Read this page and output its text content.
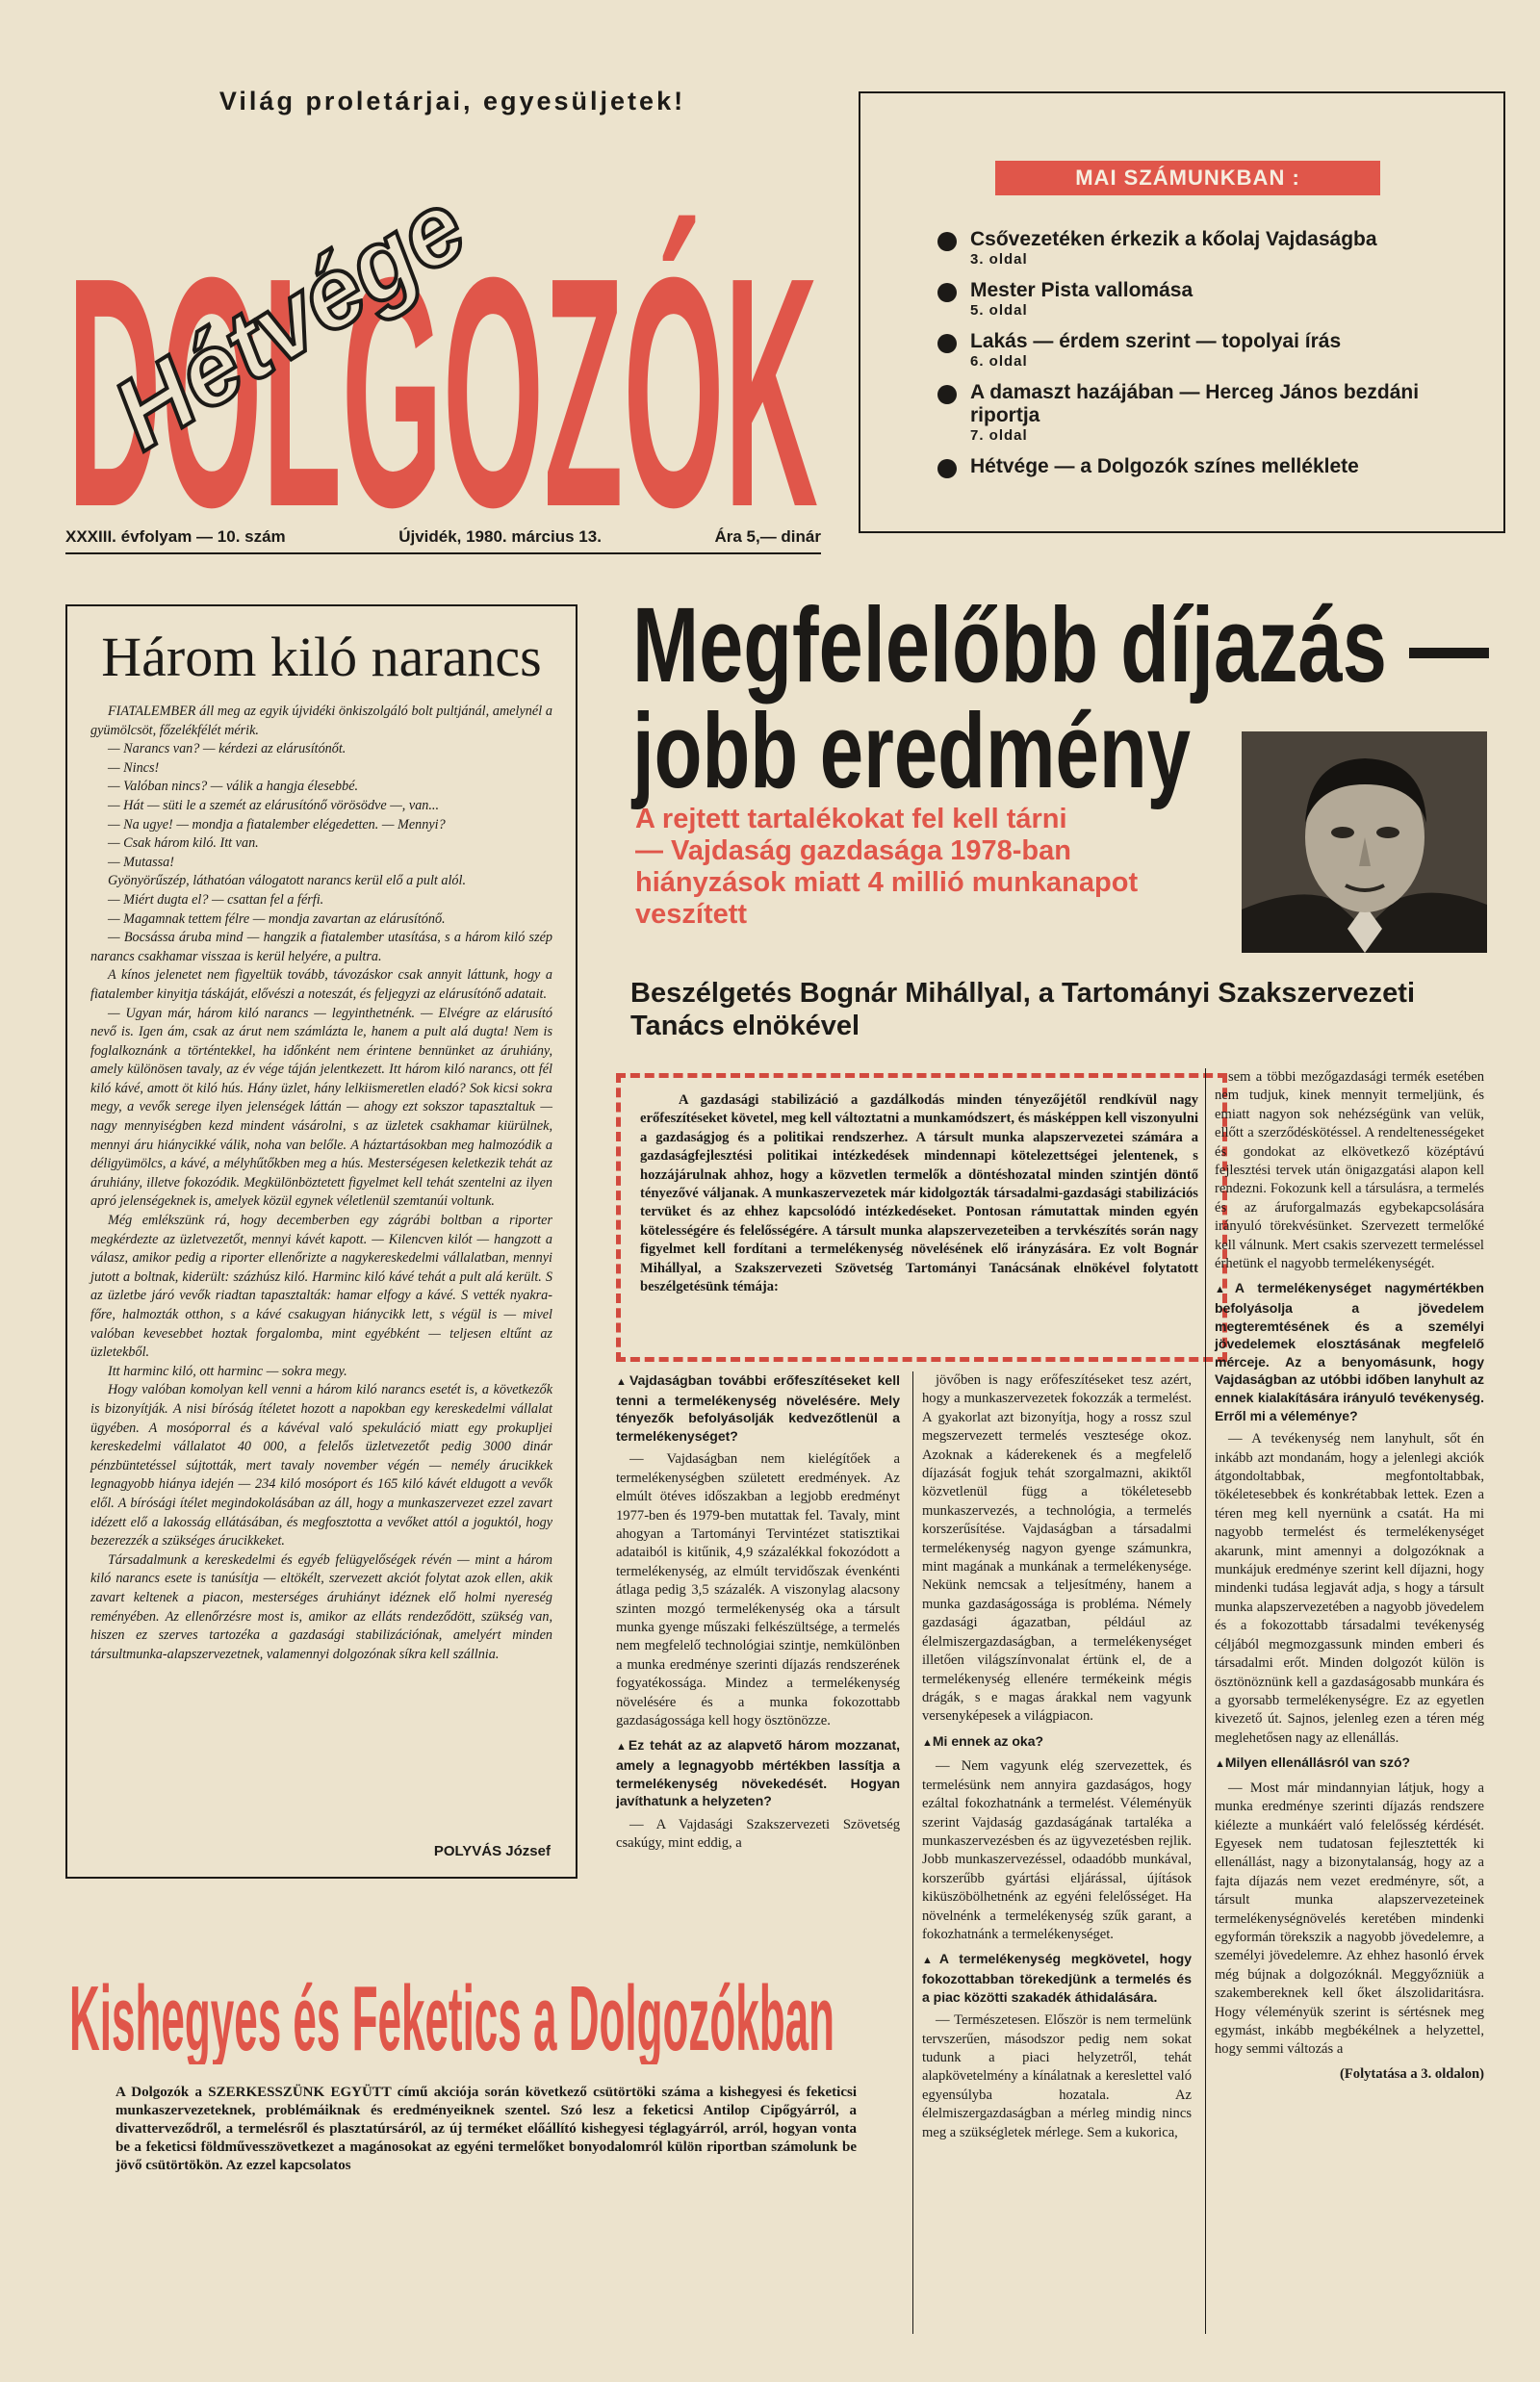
Világ proletárjai, egyesüljetek!
DOLGOZÓK
Hétvége
XXXIII. évfolyam — 10. szám	Újvidék, 1980. március 13.	Ára 5,— dinár
MAI SZÁMUNKBAN :
Csővezetéken érkezik a kőolaj Vajdaságba
3. oldal
Mester Pista vallomása
5. oldal
Lakás — érdem szerint — topolyai írás
6. oldal
A damaszt hazájában — Herceg János bezdáni riportja
7. oldal
Hétvége — a Dolgozók színes melléklete
Három kiló narancs

FIATALEMBER áll meg az egyik újvidéki önkiszolgáló bolt pultjánál, amelynél a gyümölcsöt, főzelékfélét mérik.

— Narancs van? — kérdezi az elárusítónőt.

— Nincs!

— Valóban nincs? — válik a hangja élesebbé.

— Hát — süti le a szemét az elárusítónő vörösödve —, van...

— Na ugye! — mondja a fiatalember elégedetten. — Mennyi?

— Csak három kiló. Itt van.

— Mutassa!

Gyönyörűszép, láthatóan válogatott narancs kerül elő a pult alól.

— Miért dugta el? — csattan fel a férfi.

— Magamnak tettem félre — mondja zavartan az elárusítónő.

— Bocsássa áruba mind — hangzik a fiatalember utasítása, s a három kiló szép narancs csakhamar visszaa is kerül helyére, a pultra.

A kínos jelenetet nem figyeltük tovább, távozáskor csak annyit láttunk, hogy a fiatalember kinyitja táskáját, elővészi a noteszát, és feljegyzi az elárusítónő adatait.

— Ugyan már, három kiló narancs — legyinthetnénk. — Elvégre az elárusító nevő is. Igen ám, csak az árut nem számlázta le, hanem a pult alá dugta! Nem is foglalkoznánk a történtekkel, ha időnként nem érintene bennünket az áruhiány, amely különösen tavaly, az év vége táján jelentkezett. Itt három kiló narancs, ott fél kiló kávé, amott öt kiló hús. Hány üzlet, hány lelkiismeretlen eladó? Sok kicsi sokra megy, a vevők serege ilyen jelenségek láttán — ahogy ezt sokszor tapasztaltuk — nagy mennyiségben kezd mindent vásárolni, s az üzletek csakhamar kiürülnek, mennyi áru hiánycikké válik, noha van belőle. A háztartásokban meg halmozódik a déligyümölcs, a kávé, a mélyhűtőkben meg a hús. Mesterségesen keletkezik tehát az áruhiány, illetve fokozódik. Megkülönböztetett figyelmet kell tehát szentelni az ilyen apró jelenségeknek is, amelyek közül egynek véletlenül szemtanúi voltunk.

Még emlékszünk rá, hogy decemberben egy zágrábi boltban a riporter megkérdezte az üzletvezetőt, mennyi kávét kapott. — Kilencven kilót — hangzott a válasz, amikor pedig a riporter ellenőrizte a nagykereskedelmi vállalatban, mennyi jutott a boltnak, kiderült: százhúsz kiló. Harminc kiló kávé tehát a pult alá került. S az üzletbe járó vevők riadtan tapasztalták: hamar elfogy a kávé. S vették nyakra-főre, halmozták otthon, s a kávé csakugyan hiánycikk lett, s végül is — mivel valóban kevesebbet hoztak forgalomba, mint egyébként — teljesen eltűnt az üzletekből.

Itt harminc kiló, ott harminc — sokra megy.

Hogy valóban komolyan kell venni a három kiló narancs esetét is, a következők is bizonyítják. A nisi bíróság ítéletet hozott a napokban egy kereskedelmi vállalat ügyében. A mosóporral és a kávéval való spekuláció miatt egy prokupljei kereskedelmi vállalatot 40 000, a felelős üzletvezetőt pedig 3000 dinár pénzbüntetéssel sújtották, mert tavaly november végén — nemély árucikkek legnagyobb hiánya idején — 234 kiló mosóport és 165 kiló kávét eldugott a vevők elől. A bírósági ítélet megindokolásában az áll, hogy a munkaszervezet ezzel zavart idézett elő a lakosság ellátásában, és megfosztotta a vevőket attól a joguktól, hogy bezerezzék a szükséges árucikkeket.

Társadalmunk a kereskedelmi és egyéb felügyelőségek révén — mint a három kiló narancs esete is tanúsítja — eltökélt, szervezett akciót folytat azok ellen, akik zavart keltenek a piacon, mesterséges áruhiányt idéznek elő holmi nyereség reményében. Az ellenőrzésre most is, amikor az elláts rendeződött, szükség van, hiszen ez szerves tartozéka a gazdasági stabilizációnak, amelyért minden társultmunka-alapszervezetnek, valamennyi dolgozónak síkra kell szállnia.

POLYVÁS József
Kishegyes és Feketics a Dolgozókban

A Dolgozók a SZERKESSZÜNK EGYÜTT című akciója során következő csütörtöki száma a kishegyesi és feketicsi munkaszervezeteknek, problémáiknak és eredményeiknek szentel. Szó lesz a feketicsi Antilop Cipőgyárról, a divatterveződről, a termelésről és plasztatúrsáról, az új terméket előállító kishegyesi téglagyárról, arról, hogyan vonta be a feketicsi földművesszövetkezet a magánosokat az egyéni termelőket bonyodalomról külön riportban számolunk be jövő csütörtökön. Az ezzel kapcsolatos

Megfelelőbb díjazás —
jobb eredmény
A rejtett tartalékokat fel kell tárni
— Vajdaság gazdasága 1978-ban
hiányzások miatt 4 millió munkanapot
veszített
Beszélgetés Bognár Mihállyal, a Tartományi Szakszervezeti Tanács elnökével

A gazdasági stabilizáció a gazdálkodás minden tényezőjétől rendkívül nagy erőfeszítéseket követel, meg kell változtatni a munkamódszert, és másképpen kell viszonyulni a gazdaságjog és a politikai rendszerhez. A társult munka alapszervezetei számára a gazdaságfejlesztési politikai intézkedések mindennapi kötelezettségei jelentenek, s hozzájárulnak ahhoz, hogy a közvetlen termelők a döntéshozatal minden szintjén döntő tényezővé váljanak. A munkaszervezetek már kidolgozták társadalmi-gazdasági stabilizációs tervüket és az ehhez kapcsolódó intézkedéseket. Pontosan rámutattak minden egyén kötelességére és felelősségére. A társult munka alapszervezeteiben a tervkészítés során nagy figyelmet kell fordítani a termelékenység növelésének elő irányzására. Ez volt Bognár Mihállyal, a Szakszervezeti Szövetség Tartományi Tanácsának elnökével folytatott beszélgetésünk témája:

▲ Vajdaságban további erőfeszítéseket kell tenni a termelékenység növelésére. Mely tényezők befolyásolják kedvezőtlenül a termelékenységet?

— Vajdaságban nem kielégítőek a termelékenységben született eredmények. Az elmúlt ötéves időszakban a legjobb eredményt 1977-ben és 1979-ben mutattak fel. Tavaly, mint ahogyan a Tartományi Tervintézet statisztikai adataiból is kitűnik, 4,9 százalékkal fokozódott a termelékenység, az elmúlt tervidőszak évenkénti átlaga pedig 3,5 százalék. A viszonylag alacsony szinten mozgó termelékenység oka a társult munka gyenge műszaki felkészültsége, a termelés nem megfelelő technológiai szintje, nemkülönben a munka eredménye szerinti díjazás rendszerének fogyatékossága. Mindez a termelékenység növelésére és a munka fokozottabb gazdaságossága kell hogy ösztönözze.

▲ Ez tehát az az alapvető három mozzanat, amely a legnagyobb mértékben lassítja a termelékenység növekedését. Hogyan javíthatunk a helyzeten?

— A Vajdasági Szakszervezeti Szövetség csakúgy, mint eddig, a

jövőben is nagy erőfeszítéseket tesz azért, hogy a munkaszervezetek fokozzák a termelést. A gyakorlat azt bizonyítja, hogy a rossz szul megszervezett termelés vesztesége okoz. Azoknak a káderekenek és a megfelelő díjazását fogjuk tehát szorgalmazni, akiktől közvetlenül függ a tökéletesebb munkaszervezés, a technológia, a termelés korszerűsítése. Vajdaságban a társadalmi termelékenység nagyon gyenge számunkra, mint magának a munkának a termelékenysége. Nekünk nemcsak a teljesítmény, hanem a munka gazdaságossága is probléma. Némely gazdasági ágazatban, például az élelmiszergazdaságban, a termelékenységet illetően világszínvonalat értünk el, de a termelékenység ellenére termékeink mégis drágák, s e magas árakkal nem vagyunk versenyképesek a világpiacon.

▲ Mi ennek az oka?

— Nem vagyunk elég szervezettek, és termelésünk nem annyira gazdaságos, hogy ezáltal fokozhatnánk a termelést. Véleményük szerint Vajdaság gazdaságának tartaléka a munkaszervezésben és az ügyvezetésben rejlik. Jobb munkaszervezéssel, odaadóbb munkával, korszerűbb gyártási eljárással, újítások kiküszöbölhetnénk az egyéni felelősséget. Ha növelnénk a termelékenység szűk garant, a fokozhatnánk a termelékenységet.

▲ A termelékenység megkövetel, hogy fokozottabban törekedjünk a termelés és a piac közötti szakadék áthidalására.

— Természetesen. Először is nem termelünk tervszerűen, másodszor pedig nem sokat tudunk a piaci helyzetről, tehát alapkövetelmény a kínálatnak a kereslettel való egyensúlyba hozatala. Az élelmiszergazdaságban a mérleg mindig nincs meg a szükségletek mérlege. Sem a kukorica,

sem a többi mezőgazdasági termék esetében nem tudjuk, kinek mennyit termeljünk, és emiatt nagyon sok nehézségünk van velük, ellőtt a szerződéskötéssel. A rendeltenességeket és gondokat az elkövetkező középtávú fejlesztési tervek után önigazgatási alapon kell rendezni. Fokozunk kell a társulásra, a termelés és az áruforgalmazás egybekapcsolására irányuló törekvésünket. Szervezett termelőké kell válnunk. Mert csakis szervezett termeléssel érhetünk el nagyobb termelékenységét.

▲ A termelékenységet nagymértékben befolyásolja a jövedelem megteremtésének és a személyi jövedelemek elosztásának megfelelő mérceje. Az a benyomásunk, hogy Vajdaságban az utóbbi időben lanyhult az ennek kialakítására irányuló tevékenység. Erről mi a véleménye?

— A tevékenység nem lanyhult, sőt én inkább azt mondanám, hogy a jelenlegi akciók átgondoltabbak, megfontoltabbak, tökéletesebbek és konkrétabbak lettek. Ezen a téren meg kell nyernünk a csatát. Ha mi nagyobb termelést és termelékenységet akarunk, mint amennyi a dolgozóknak a munkájuk eredménye szerint kell díjazni, hogy mindenki tudása legjavát adja, s hogy a társult munka alapszervezetében a nagyobb jövedelem és a fokozottabb társadalmi tevékenység céljából megmozgassunk minden emberi és társadalmi erőt. Minden dolgozót külön is ösztönöznünk kell a gazdaságosabb munkára és a gyorsabb termelékenységre. Ez az egyetlen kivezető út. Sajnos, jelenleg ezen a téren még meglehetősen nagy az ellenállás.

▲ Milyen ellenállásról van szó?

— Most már mindannyian látjuk, hogy a munka eredménye szerinti díjazás rendszere kiélezte a munkáért való felelősség kérdését. Egyesek nem tudatosan fejlesztették ki ellenállást, nagy a bizonytalanság, hogy az a fajta díjazás nem vezet eredményre, sőt, a társult munka alapszervezeteinek termelékenységnövelés keretében mindenki egyformán törekszik a nagyobb jövedelemre, a személyi jövedelemre. Az ehhez hasonló érvek még bújnak a dolgozóknál. Meggyőzniük a szakembereknek kell őket álszolidaritásra. Hogy véleményük szerint is sértésnek meg egymást, inkább megbékélnek a helyzettel, hogy semmi változás a

(Folytatása a 3. oldalon)
